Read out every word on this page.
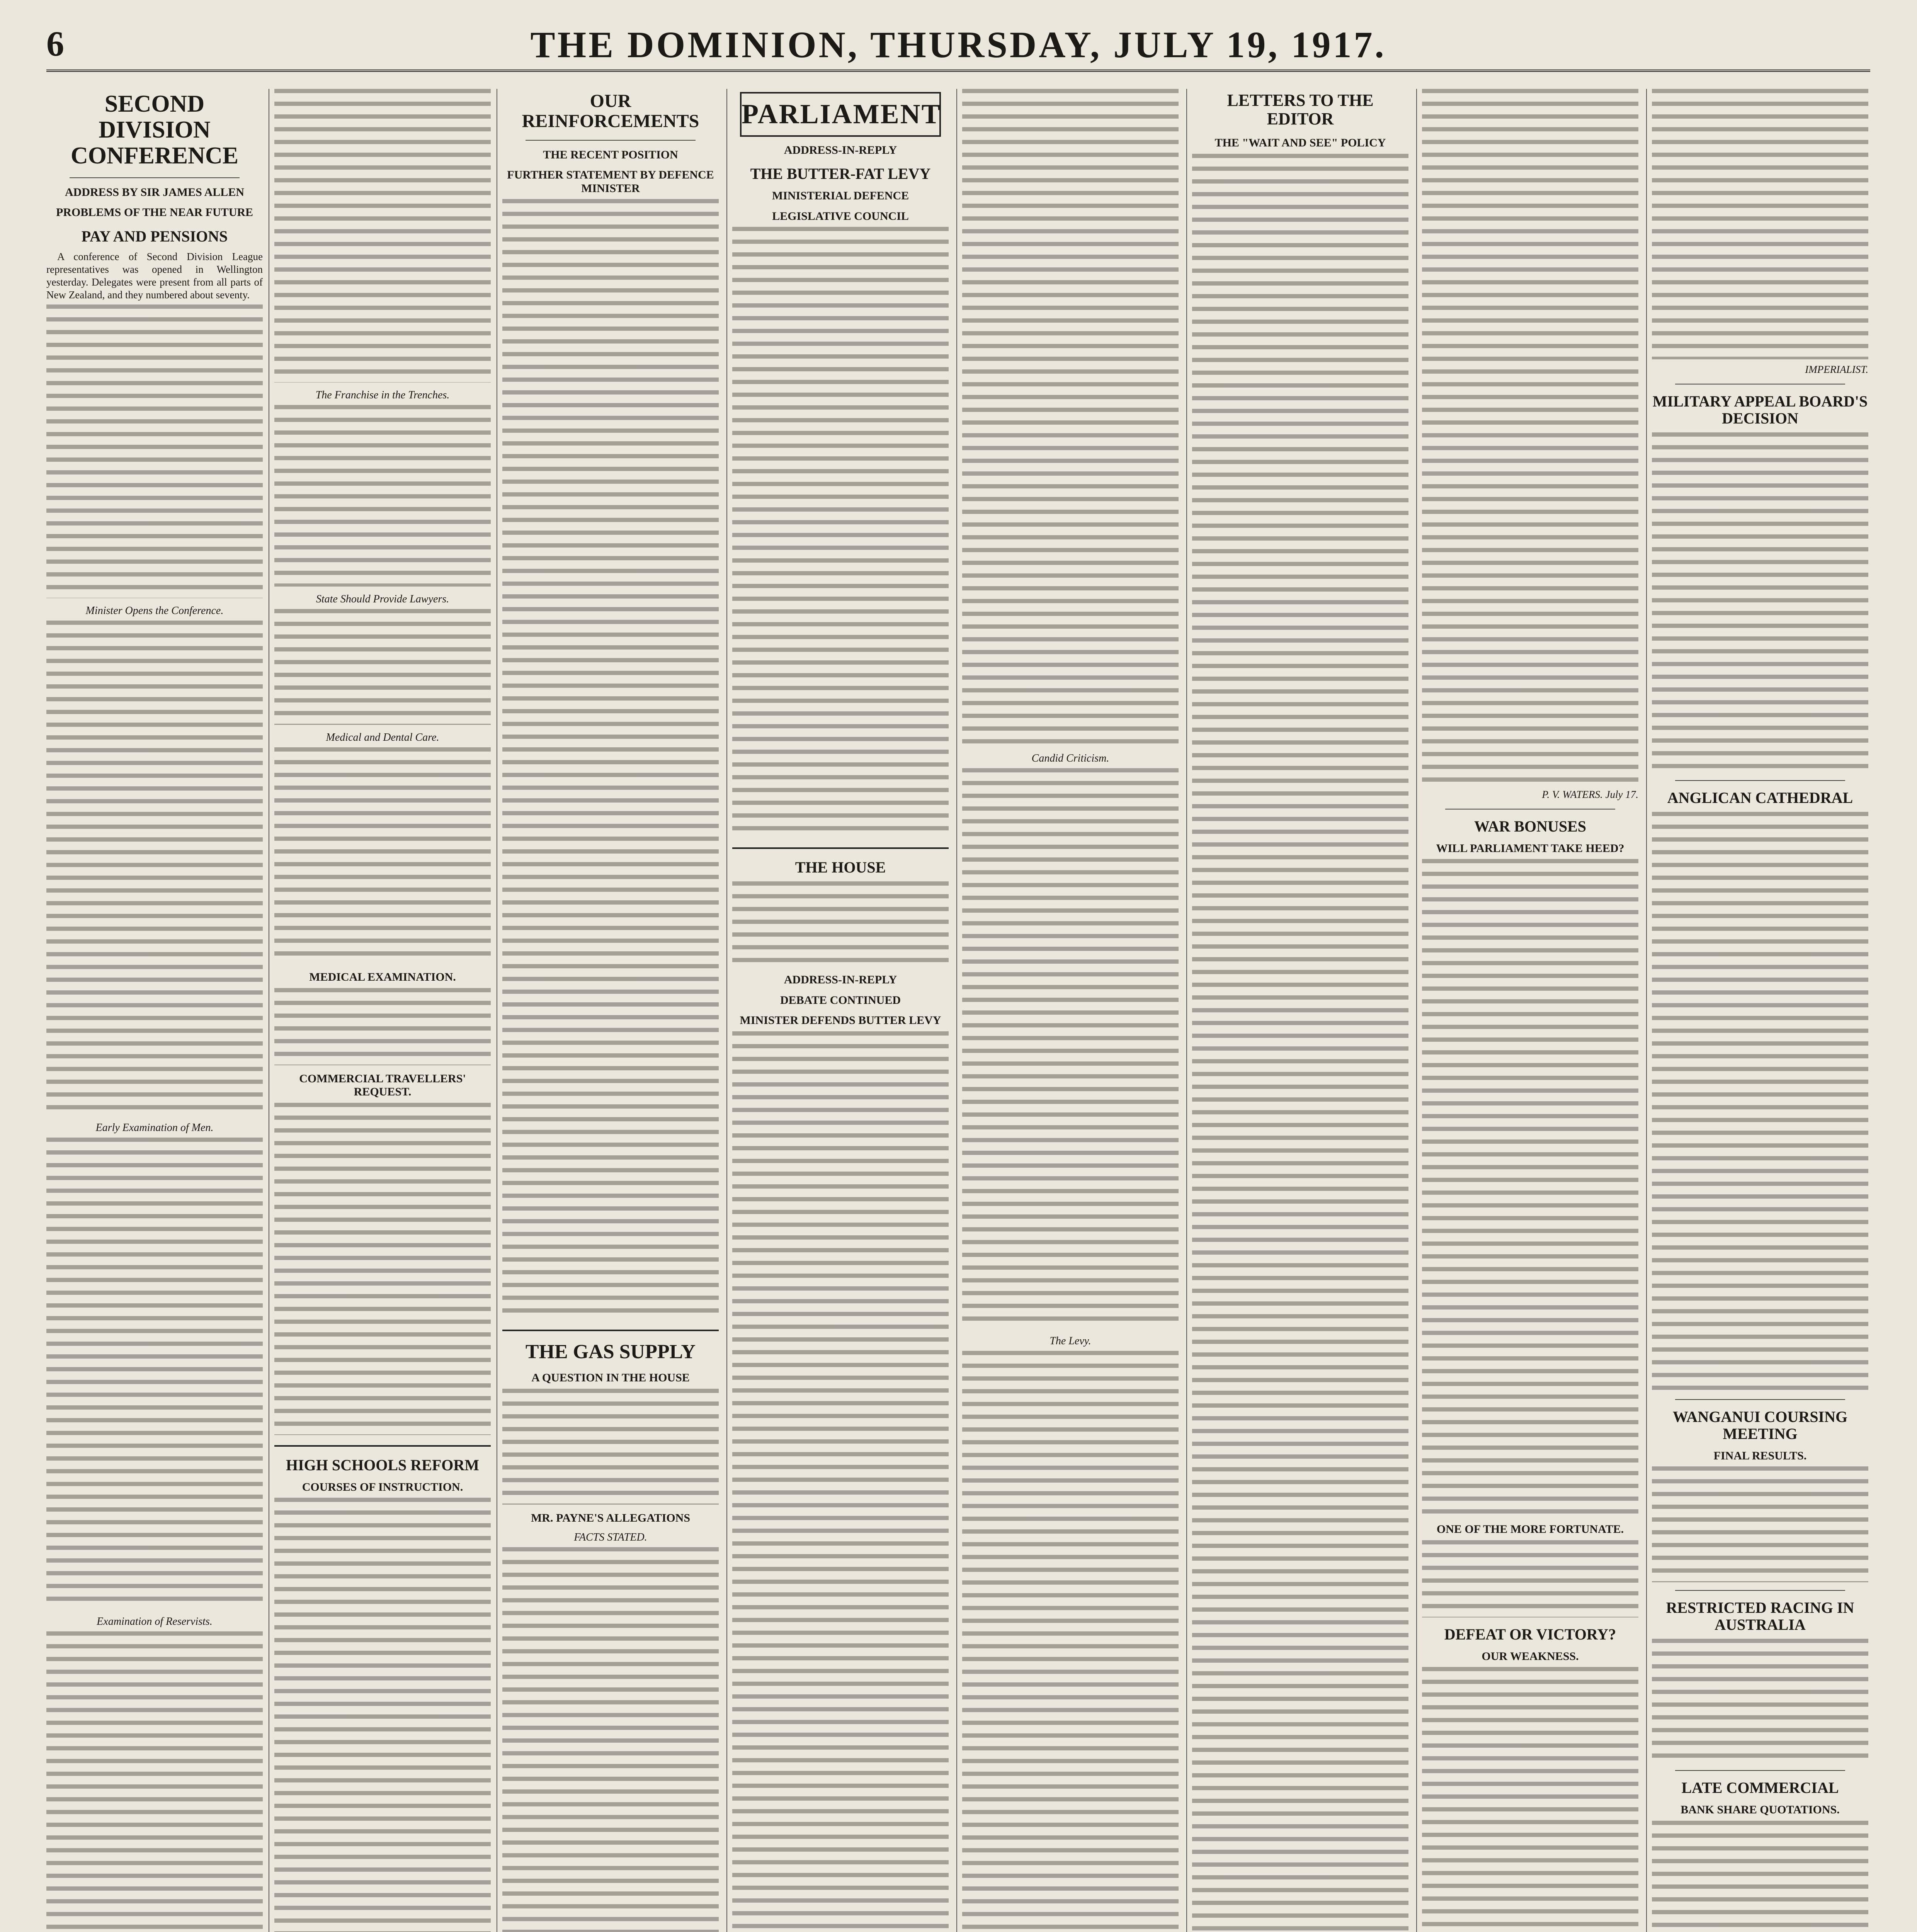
6	THE DOMINION, THURSDAY, JULY 19, 1917.
SECOND DIVISION CONFERENCE
ADDRESS BY SIR JAMES ALLEN
PROBLEMS OF THE NEAR FUTURE
PAY AND PENSIONS

A conference of Second Division League representatives was opened in Wellington yesterday. Delegates were present from all parts of New Zealand, and they numbered about seventy.

Minister Opens the Conference.
Early Examination of Men.
Examination of Reservists.
The Franchise in the Trenches.
State Should Provide Lawyers.
Medical and Dental Care.
MEDICAL EXAMINATION.
COMMERCIAL TRAVELLERS' REQUEST.
HIGH SCHOOLS REFORM
COURSES OF INSTRUCTION.
OUR REINFORCEMENTS
THE RECENT POSITION
FURTHER STATEMENT BY DEFENCE MINISTER
THE GAS SUPPLY
A QUESTION IN THE HOUSE
MR. PAYNE'S ALLEGATIONS
FACTS STATED.
PARLIAMENT
ADDRESS-IN-REPLY
THE BUTTER-FAT LEVY
MINISTERIAL DEFENCE
LEGISLATIVE COUNCIL
THE HOUSE
ADDRESS-IN-REPLY
DEBATE CONTINUED
MINISTER DEFENDS BUTTER LEVY
Candid Criticism.
The Levy.
LETTERS TO THE EDITOR
THE "WAIT AND SEE" POLICY
P. V. WATERS. July 17.
WAR BONUSES
WILL PARLIAMENT TAKE HEED?
ONE OF THE MORE FORTUNATE.
DEFEAT OR VICTORY?
OUR WEAKNESS.
IMPERIALIST.
MILITARY APPEAL BOARD'S DECISION
ANGLICAN CATHEDRAL
WANGANUI COURSING MEETING
FINAL RESULTS.
RESTRICTED RACING IN AUSTRALIA
LATE COMMERCIAL
BANK SHARE QUOTATIONS.
